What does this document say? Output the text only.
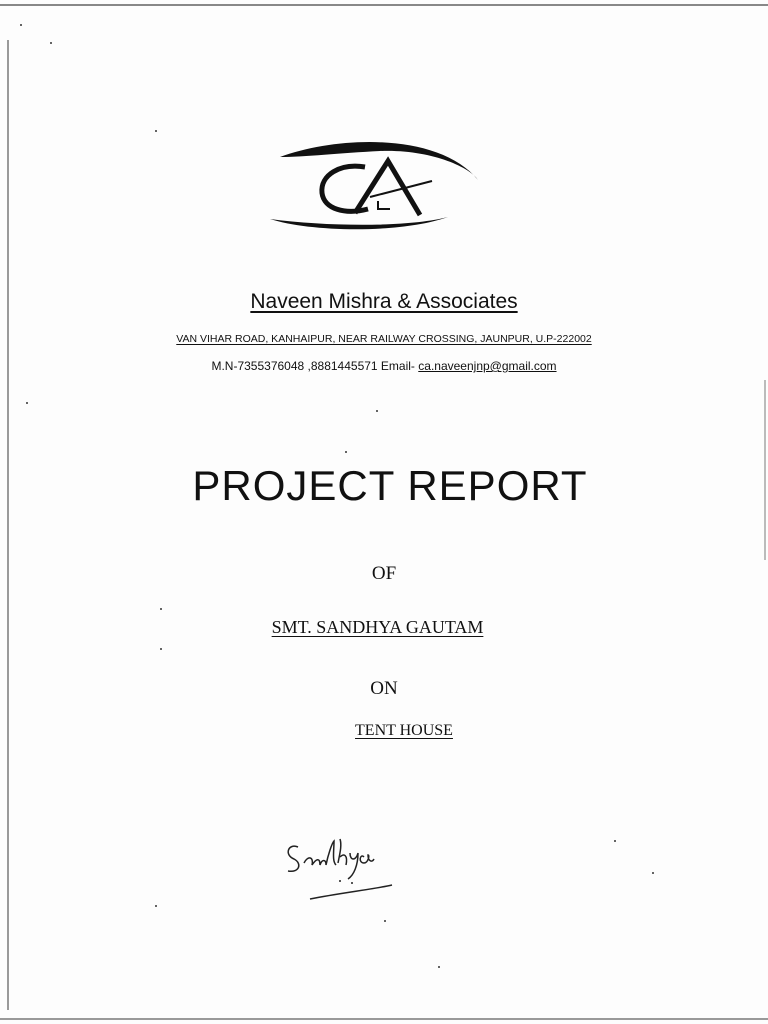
Naveen Mishra & Associates
VAN VIHAR ROAD, KANHAIPUR, NEAR RAILWAY CROSSING, JAUNPUR, U.P-222002
M.N-7355376048 ,8881445571 Email- ca.naveenjnp@gmail.com
PROJECT REPORT
OF
SMT. SANDHYA GAUTAM
ON
TENT HOUSE
